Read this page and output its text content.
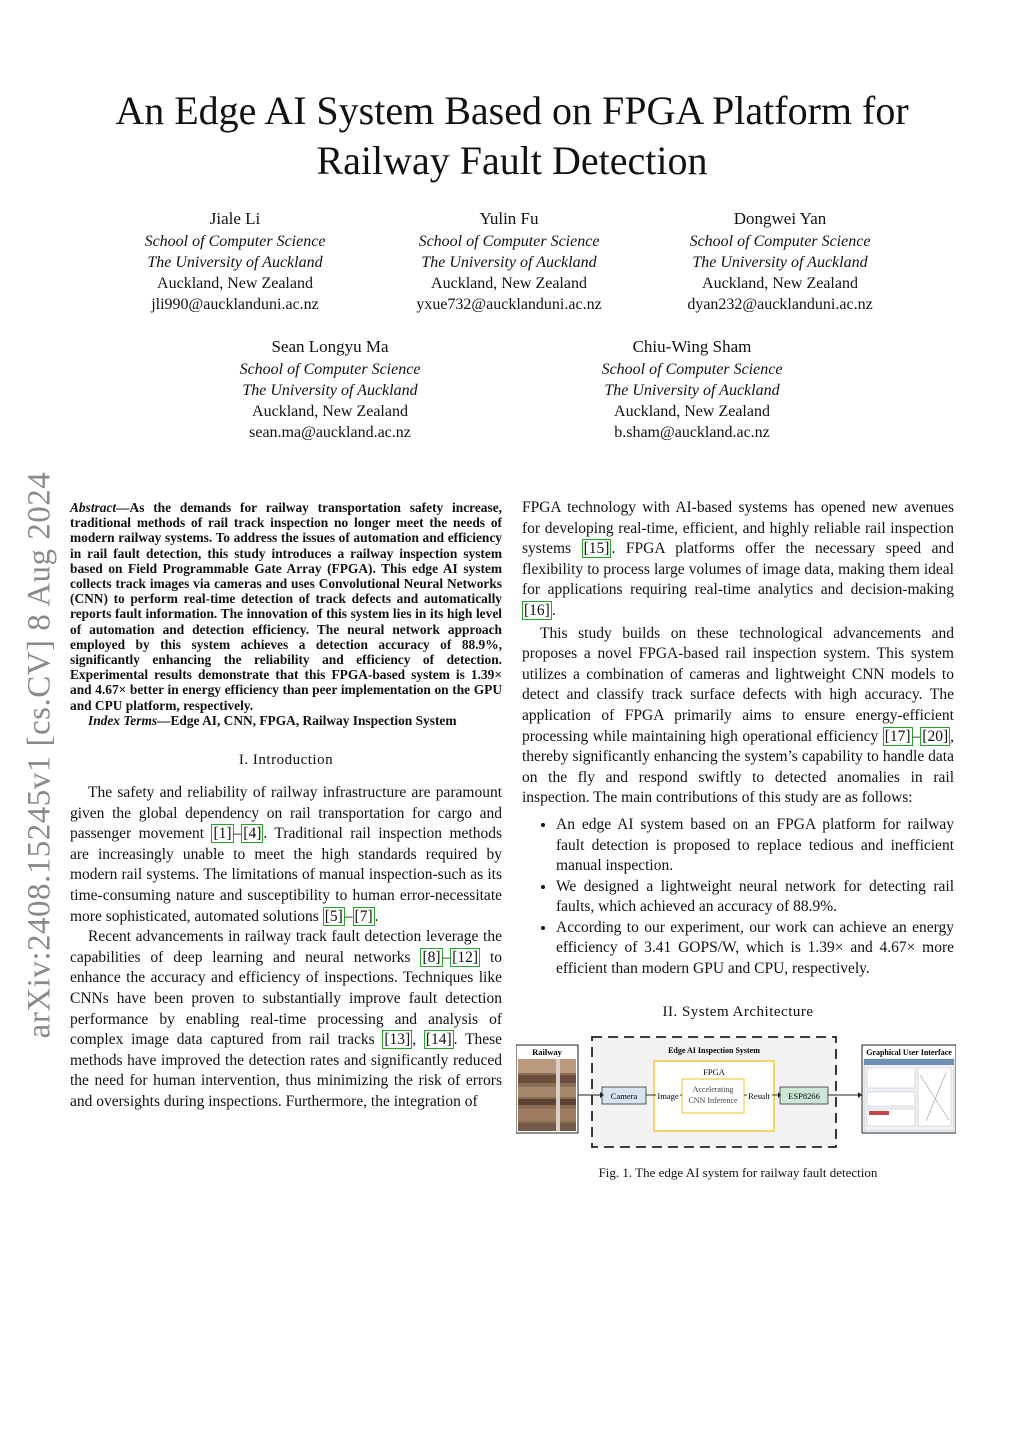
arXiv:2408.15245v1 [cs.CV] 8 Aug 2024
An Edge AI System Based on FPGA Platform for
Railway Fault Detection
Jiale Li
School of Computer Science
The University of Auckland
Auckland, New Zealand
jli990@aucklanduni.ac.nz
Yulin Fu
School of Computer Science
The University of Auckland
Auckland, New Zealand
yxue732@aucklanduni.ac.nz
Dongwei Yan
School of Computer Science
The University of Auckland
Auckland, New Zealand
dyan232@aucklanduni.ac.nz
Sean Longyu Ma
School of Computer Science
The University of Auckland
Auckland, New Zealand
sean.ma@auckland.ac.nz
Chiu-Wing Sham
School of Computer Science
The University of Auckland
Auckland, New Zealand
b.sham@auckland.ac.nz

Abstract—As the demands for railway transportation safety increase, traditional methods of rail track inspection no longer meet the needs of modern railway systems. To address the issues of automation and efficiency in rail fault detection, this study introduces a railway inspection system based on Field Programmable Gate Array (FPGA). This edge AI system collects track images via cameras and uses Convolutional Neural Networks (CNN) to perform real-time detection of track defects and automatically reports fault information. The innovation of this system lies in its high level of automation and detection efficiency. The neural network approach employed by this system achieves a detection accuracy of 88.9%, significantly enhancing the reliability and efficiency of detection. Experimental results demonstrate that this FPGA-based system is 1.39× and 4.67× better in energy efficiency than peer implementation on the GPU and CPU platform, respectively.

Index Terms—Edge AI, CNN, FPGA, Railway Inspection System

I. Introduction

The safety and reliability of railway infrastructure are paramount given the global dependency on rail transportation for cargo and passenger movement [1] – [4] . Traditional rail inspection methods are increasingly unable to meet the high standards required by modern rail systems. The limitations of manual inspection-such as its time-consuming nature and susceptibility to human error-necessitate more sophisticated, automated solutions [5] – [7] .

Recent advancements in railway track fault detection leverage the capabilities of deep learning and neural networks [8] – [12] to enhance the accuracy and efficiency of inspections. Techniques like CNNs have been proven to substantially improve fault detection performance by enabling real-time processing and analysis of complex image data captured from rail tracks [13] , [14] . These methods have improved the detection rates and significantly reduced the need for human intervention, thus minimizing the risk of errors and oversights during inspections. Furthermore, the integration of

FPGA technology with AI-based systems has opened new avenues for developing real-time, efficient, and highly reliable rail inspection systems [15] . FPGA platforms offer the necessary speed and flexibility to process large volumes of image data, making them ideal for applications requiring real-time analytics and decision-making [16] .

This study builds on these technological advancements and proposes a novel FPGA-based rail inspection system. This system utilizes a combination of cameras and lightweight CNN models to detect and classify track surface defects with high accuracy. The application of FPGA primarily aims to ensure energy-efficient processing while maintaining high operational efficiency [17] – [20] , thereby significantly enhancing the system’s capability to handle data on the fly and respond swiftly to detected anomalies in rail inspection. The main contributions of this study are as follows:

• An edge AI system based on an FPGA platform for railway fault detection is proposed to replace tedious and inefficient manual inspection.
• We designed a lightweight neural network for detecting rail faults, which achieved an accuracy of 88.9%.
• According to our experiment, our work can achieve an energy efficiency of 3.41 GOPS/W, which is 1.39× and 4.67× more efficient than modern GPU and CPU, respectively.
II. System Architecture
Railway	Edge AI Inspection System
FPGA
Camera Image
Accelerating
CNN Inference Result ESP8266
Graphical User Interface
Fig. 1. The edge AI system for railway fault detection
